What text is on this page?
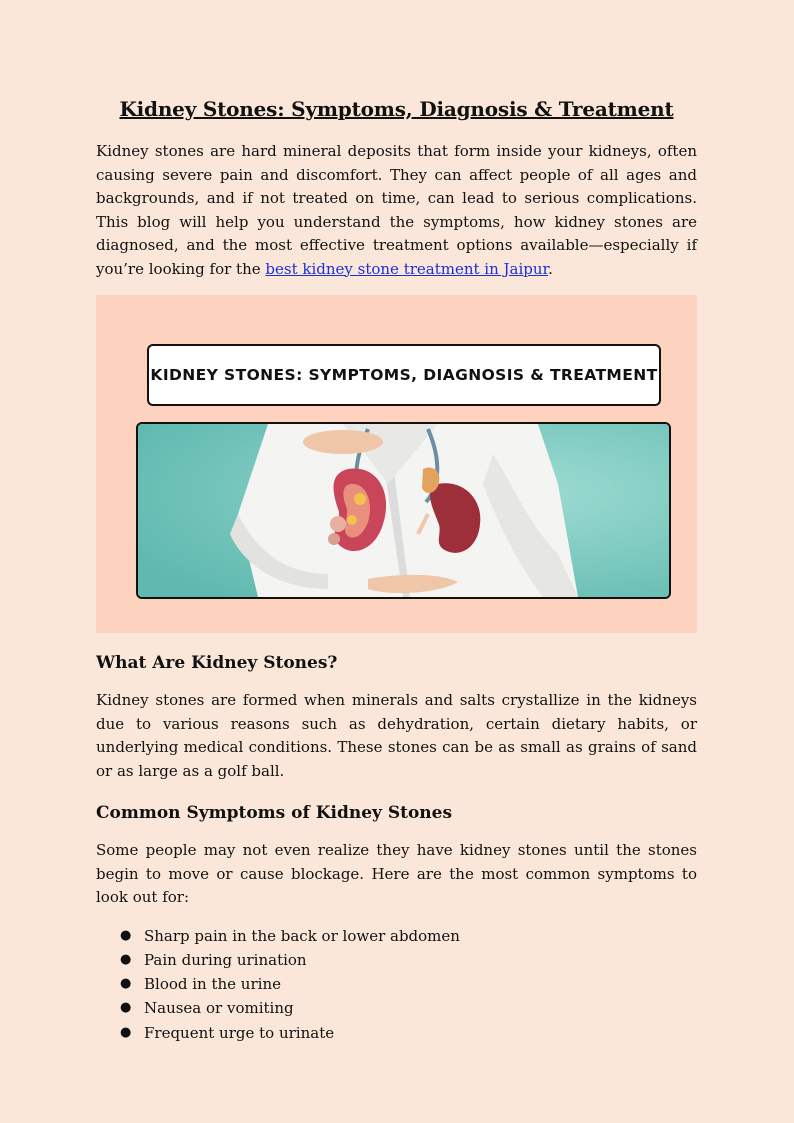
Kidney Stones: Symptoms, Diagnosis & Treatment

Kidney stones are hard mineral deposits that form inside your kidneys, often causing severe pain and discomfort. They can affect people of all ages and backgrounds, and if not treated on time, can lead to serious complications. This blog will help you understand the symptoms, how kidney stones are diagnosed, and the most effective treatment options available—especially if you’re looking for the best kidney stone treatment in Jaipur.

KIDNEY STONES: SYMPTOMS, DIAGNOSIS & TREATMENT
What Are Kidney Stones?

Kidney stones are formed when minerals and salts crystallize in the kidneys due to various reasons such as dehydration, certain dietary habits, or underlying medical conditions. These stones can be as small as grains of sand or as large as a golf ball.

Common Symptoms of Kidney Stones

Some people may not even realize they have kidney stones until the stones begin to move or cause blockage. Here are the most common symptoms to look out for:

● Sharp pain in the back or lower abdomen
● Pain during urination
● Blood in the urine
● Nausea or vomiting
● Frequent urge to urinate
